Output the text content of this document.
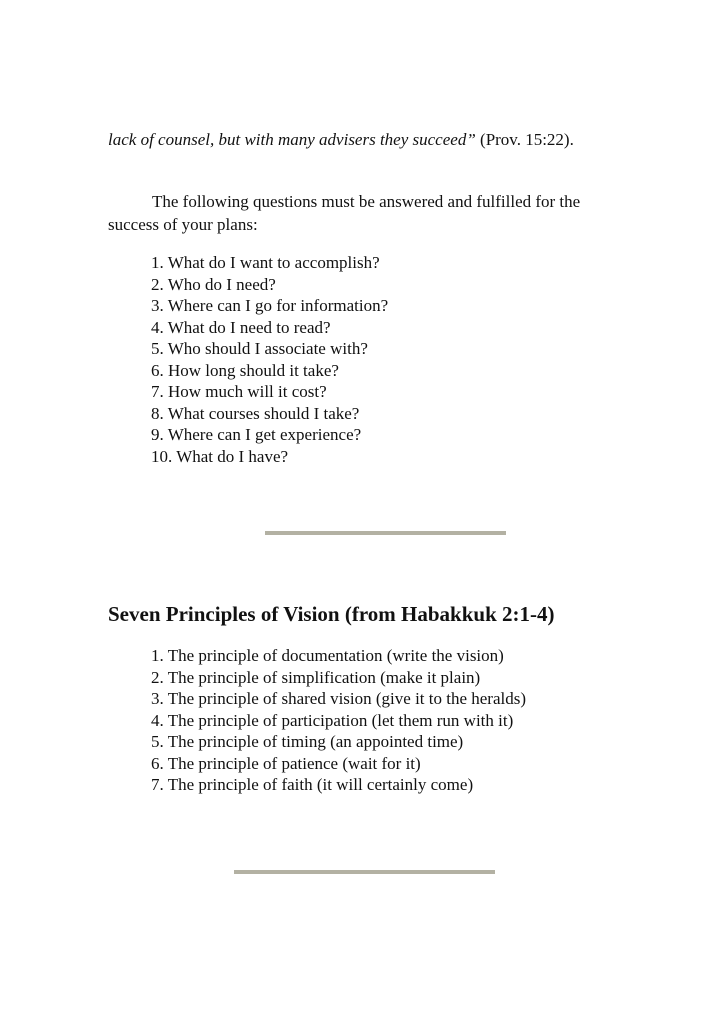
lack of counsel, but with many advisers they succeed” (Prov. 15:22).

The following questions must be answered and fulfilled for the success of your plans:

1. What do I want to accomplish?
2. Who do I need?
3. Where can I go for information?
4. What do I need to read?
5. Who should I associate with?
6. How long should it take?
7. How much will it cost?
8. What courses should I take?
9. Where can I get experience?
10. What do I have?
Seven Principles of Vision (from Habakkuk 2:1-4)
1. The principle of documentation (write the vision)
2. The principle of simplification (make it plain)
3. The principle of shared vision (give it to the heralds)
4. The principle of participation (let them run with it)
5. The principle of timing (an appointed time)
6. The principle of patience (wait for it)
7. The principle of faith (it will certainly come)
